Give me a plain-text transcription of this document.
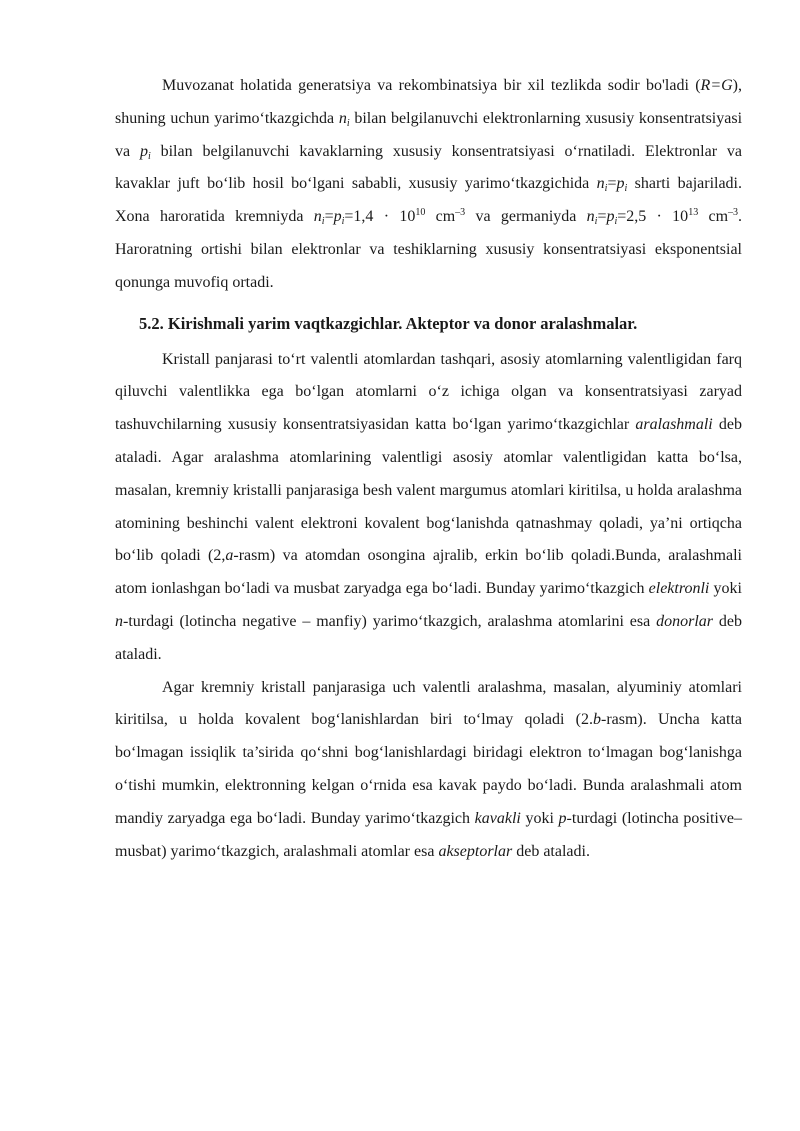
Muvozanat holatida generatsiya va rekombinatsiya bir xil tezlikda sodir bo'ladi (R=G), shuning uchun yarimo‘tkazgichda $n_i$ bilan belgilanuvchi elektronlarning xususiy konsentratsiyasi va $p_i$ bilan belgilanuvchi kavaklarning xususiy konsentratsiyasi o‘rnatiladi. Elektronlar va kavaklar juft bo‘lib hosil bo‘lgani sababli, xususiy yarimo‘tkazgichida $n_i=p_i$ sharti bajariladi. Xona haroratida kremniyda $n_i=p_i=1,4 \cdot 10^{10}$ $cm^{-3}$ va germaniyda $n_i=p_i=2,5 \cdot 10^{13}$ $cm^{-3}$. Haroratning ortishi bilan elektronlar va teshiklarning xususiy konsentratsiyasi eksponentsial qonunga muvofiq ortadi.

5.2. Kirishmali yarim vaqtkazgichlar. Akteptor va donor aralashmalar.

Kristall panjarasi to‘rt valentli atomlardan tashqari, asosiy atomlarning valentligidan farq qiluvchi valentlikka ega bo‘lgan atomlarni o‘z ichiga olgan va konsentratsiyasi zaryad tashuvchilarning xususiy konsentratsiyasidan katta bo‘lgan yarimo‘tkazgichlar aralashmali deb ataladi. Agar aralashma atomlarining valentligi asosiy atomlar valentligidan katta bo‘lsa, masalan, kremniy kristalli panjarasiga besh valent margumus atomlari kiritilsa, u holda aralashma atomining beshinchi valent elektroni kovalent bog‘lanishda qatnashmay qoladi, ya’ni ortiqcha bo‘lib qoladi (2,a-rasm) va atomdan osongina ajralib, erkin bo‘lib qoladi.Bunda, aralashmali atom ionlashgan bo‘ladi va musbat zaryadga ega bo‘ladi. Bunday yarimo‘tkazgich elektronli yoki n-turdagi (lotincha negative – manfiy) yarimo‘tkazgich, aralashma atomlarini esa donorlar deb ataladi.

Agar kremniy kristall panjarasiga uch valentli aralashma, masalan, alyuminiy atomlari kiritilsa, u holda kovalent bog‘lanishlardan biri to‘lmay qoladi (2.b-rasm). Uncha katta bo‘lmagan issiqlik ta’sirida qo‘shni bog‘lanishlardagi biridagi elektron to‘lmagan bog‘lanishga o‘tishi mumkin, elektronning kelgan o‘rnida esa kavak paydo bo‘ladi. Bunda aralashmali atom mandiy zaryadga ega bo‘ladi. Bunday yarimo‘tkazgich kavakli yoki p-turdagi (lotincha positive–musbat) yarimo‘tkazgich, aralashmali atomlar esa akseptorlar deb ataladi.
